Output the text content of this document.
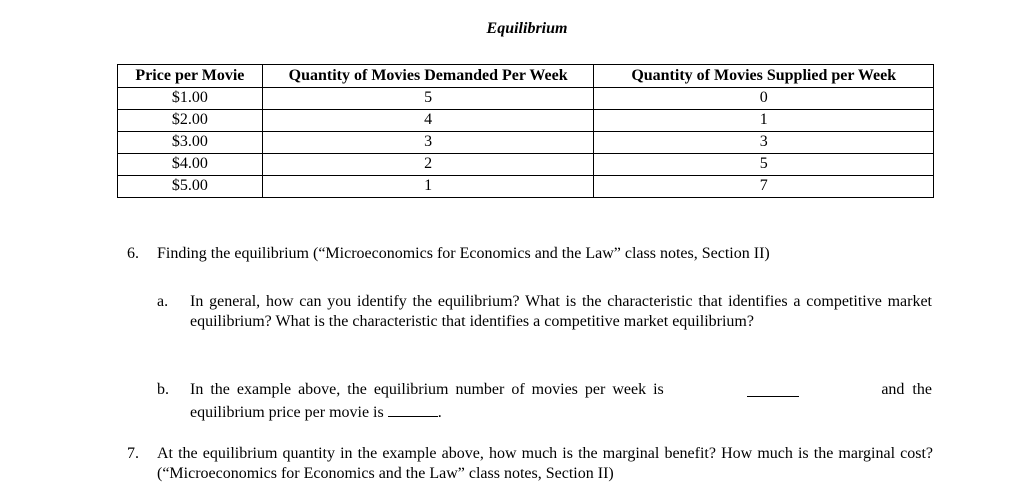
Equilibrium
Price per Movie	Quantity of Movies Demanded Per Week	Quantity of Movies Supplied per Week
$1.00	5	0
$2.00	4	1
$3.00	3	3
$4.00	2	5
$5.00	1	7
6. Finding the equilibrium (“Microeconomics for Economics and the Law” class notes, Section II)
a. In general, how can you identify the equilibrium? What is the characteristic that identifies a competitive market equilibrium? What is the characteristic that identifies a competitive market equilibrium?
b. In the example above, the equilibrium number of movies per week is	and the
equilibrium price per movie is	.
7. At the equilibrium quantity in the example above, how much is the marginal benefit? How much is the marginal cost? (“Microeconomics for Economics and the Law” class notes, Section II)
